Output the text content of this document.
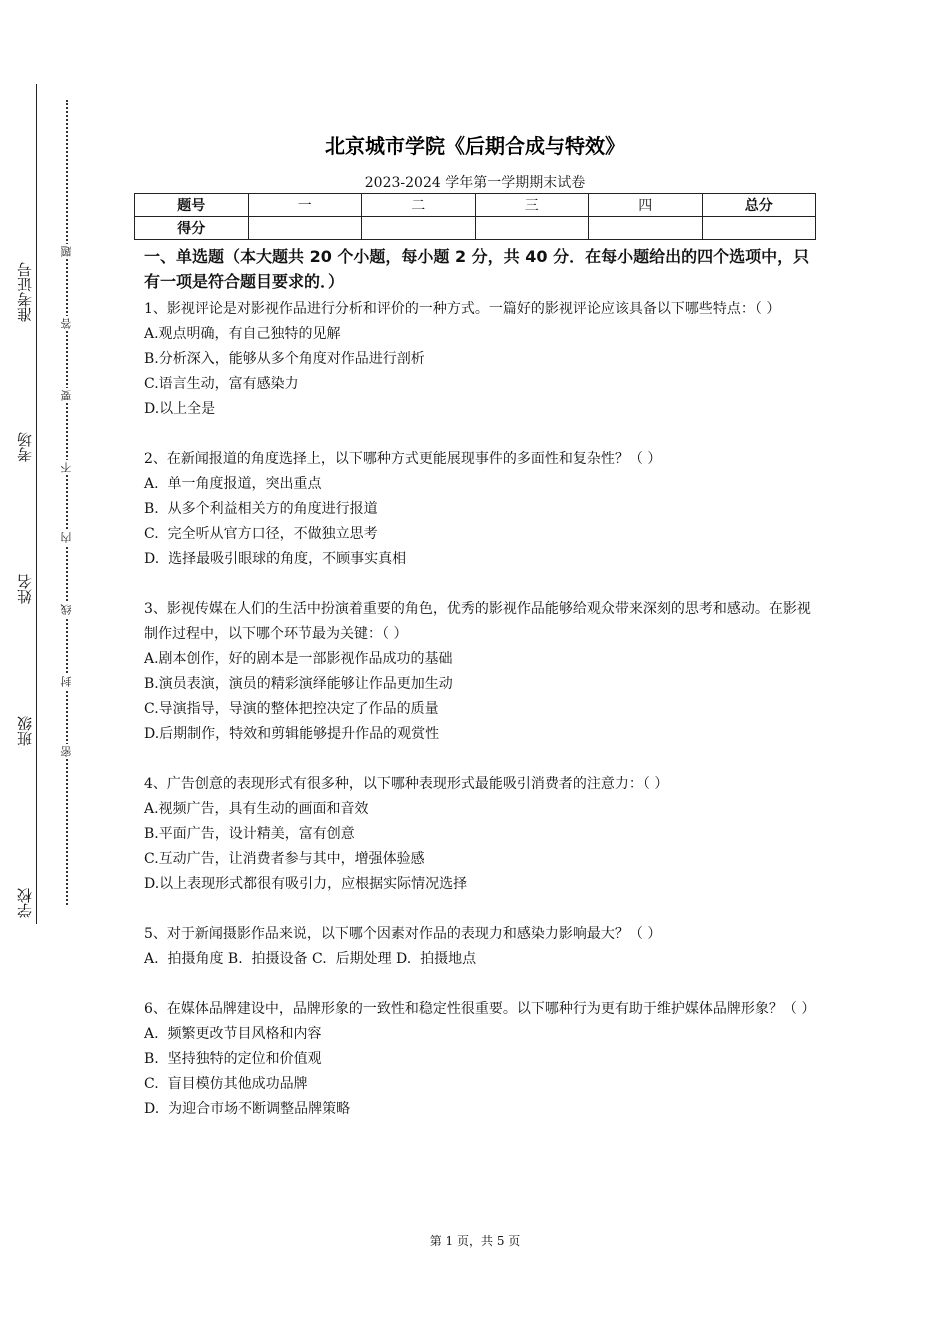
准考证号
考场
姓名
班级
学校
题
答
要
不
内
线
封
密
北京城市学院《后期合成与特效》
2023-2024 学年第一学期期末试卷
题号	一	二	三	四	总分
得分					

一、单选题（本大题共 20 个小题，每小题 2 分，共 40 分．在每小题给出的四个选项中，只有一项是符合题目要求的．）

1、影视评论是对影视作品进行分析和评价的一种方式。一篇好的影视评论应该具备以下哪些特点：（ ）

A.观点明确，有自己独特的见解

B.分析深入，能够从多个角度对作品进行剖析

C.语言生动，富有感染力

D.以上全是

2、在新闻报道的角度选择上，以下哪种方式更能展现事件的多面性和复杂性？（ ）

A.  单一角度报道，突出重点

B.  从多个利益相关方的角度进行报道

C.  完全听从官方口径，不做独立思考

D.  选择最吸引眼球的角度，不顾事实真相

3、影视传媒在人们的生活中扮演着重要的角色，优秀的影视作品能够给观众带来深刻的思考和感动。在影视制作过程中，以下哪个环节最为关键：（ ）

A.剧本创作，好的剧本是一部影视作品成功的基础

B.演员表演，演员的精彩演绎能够让作品更加生动

C.导演指导，导演的整体把控决定了作品的质量

D.后期制作，特效和剪辑能够提升作品的观赏性

4、广告创意的表现形式有很多种，以下哪种表现形式最能吸引消费者的注意力：（ ）

A.视频广告，具有生动的画面和音效

B.平面广告，设计精美，富有创意

C.互动广告，让消费者参与其中，增强体验感

D.以上表现形式都很有吸引力，应根据实际情况选择

5、对于新闻摄影作品来说，以下哪个因素对作品的表现力和感染力影响最大？（ ）

A.  拍摄角度 B.  拍摄设备 C.  后期处理 D.  拍摄地点

6、在媒体品牌建设中，品牌形象的一致性和稳定性很重要。以下哪种行为更有助于维护媒体品牌形象？（ ）

A.  频繁更改节目风格和内容

B.  坚持独特的定位和价值观

C.  盲目模仿其他成功品牌

D.  为迎合市场不断调整品牌策略

第 1 页，共 5 页
